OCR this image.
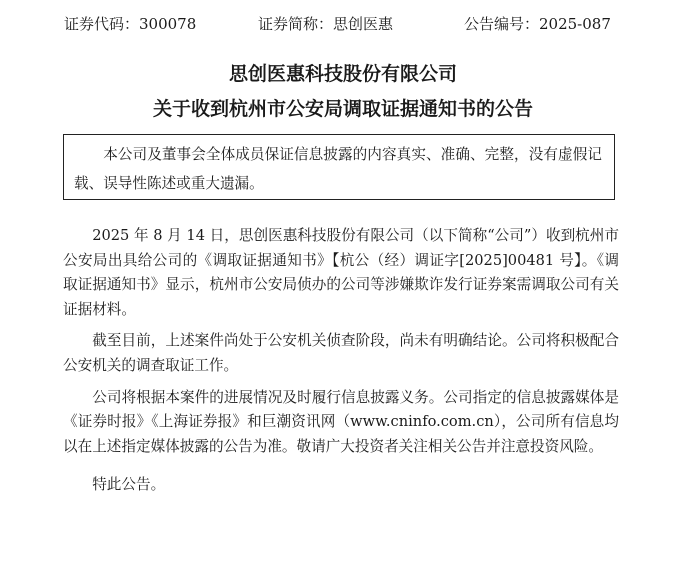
证券代码：300078	证券简称：思创医惠	公告编号：2025-087
思创医惠科技股份有限公司
关于收到杭州市公安局调取证据通知书的公告

本公司及董事会全体成员保证信息披露的内容真实、准确、完整，没有虚假记载、误导性陈述或重大遗漏。

2025 年 8 月 14 日，思创医惠科技股份有限公司（以下简称“公司”）收到杭州市公安局出具给公司的《调取证据通知书》【杭公（经）调证字[2025]00481 号】。《调取证据通知书》显示，杭州市公安局侦办的公司等涉嫌欺诈发行证券案需调取公司有关证据材料。

截至目前，上述案件尚处于公安机关侦查阶段，尚未有明确结论。公司将积极配合公安机关的调查取证工作。

公司将根据本案件的进展情况及时履行信息披露义务。公司指定的信息披露媒体是《证券时报》《上海证券报》和巨潮资讯网（www.cninfo.com.cn），公司所有信息均以在上述指定媒体披露的公告为准。敬请广大投资者关注相关公告并注意投资风险。

特此公告。
